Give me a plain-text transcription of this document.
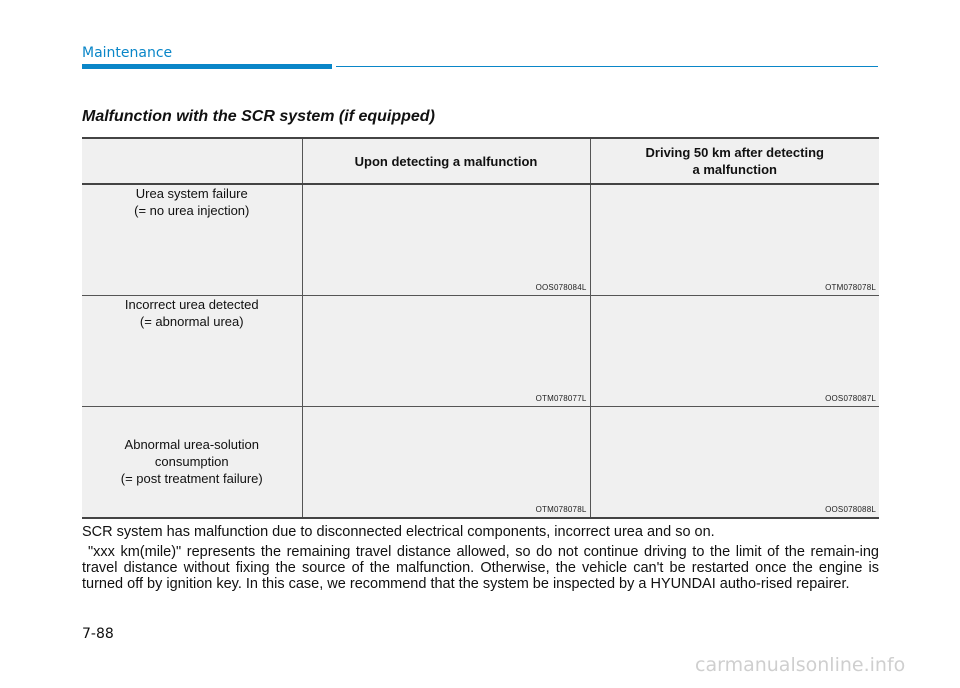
Maintenance
Malfunction with the SCR system (if equipped)
	Upon detecting a malfunction	Driving 50 km after detecting
a malfunction

Urea system failure
(= no urea injection)	OOS078084L	OTM078078L

Incorrect urea detected
(= abnormal urea)	OTM078077L	OOS078087L

Abnormal urea-solution
consumption
(= post treatment failure)	OTM078078L	OOS078088L

SCR system has malfunction due to disconnected electrical components, incorrect urea and so on.

"xxx km(mile)" represents the remaining travel distance allowed, so do not continue driving to the limit of the remain-ing travel distance without fixing the source of the malfunction. Otherwise, the vehicle can't be restarted once the engine is turned off by ignition key. In this case, we recommend that the system be inspected by a HYUNDAI autho-rised repairer.

7-88
carmanualsonline.info
